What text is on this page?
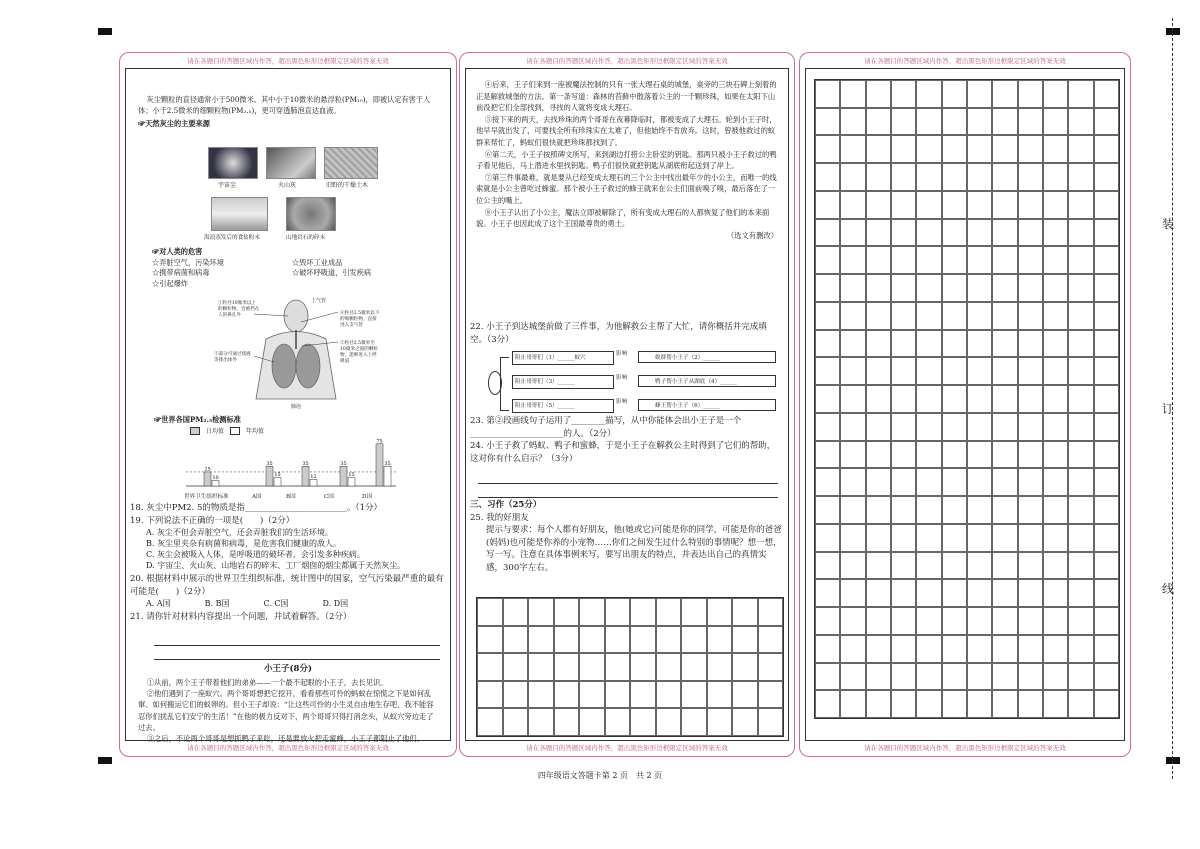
装
订
线
请在各题目的答题区域内作答，超出黑色矩形边框限定区域的答案无效
请在各题目的答题区域内作答，超出黑色矩形边框限定区域的答案无效

灰尘颗粒的直径通常小于500微米。其中小于10微米的悬浮粒(PM₁₀)，即被认定有害于人体；小于2.5微米的细颗粒物(PM₂.₅)，更可穿透肺泡直达血液。

☞天然灰尘的主要来源
宇宙尘	火山灰	旧野的干燥土木
海浪蒸发后的食盐粉末	山地岩石的碎末
☞对人类的危害
☆弄脏空气，污染环境	☆毁坏工业成品
☆携带病菌和病毒	☆破坏呼吸道，引发疾病
☆引起爆炸
①粒径10微米以上的颗粒物，会被挡在人的鼻孔外
③部分可通过痰液等排出体外
④粒径2.5微米以下的细颗粒物，直接进入支气管
②粒径2.5微米至10微米之间的颗粒物，能够进入上呼吸道
肺泡
上气管
☞世界各国PM₂.₅检测标准
日均值	年均值
25
10
35
15
35
12
35
15
75
35
世界卫生组织标准	A国	B国	C国	D国
18. 灰尘中PM2. 5的物质是指________________________。（1分）
19. 下列说法不正确的一项是(　　)（2分）
A. 灰尘不但会弄脏空气，还会弄脏我们的生活环境。
B. 灰尘里夹杂有病菌和病毒，是危害我们健康的敌人。
C. 灰尘会被吸入人体，是呼吸道的破坏者，会引发多种疾病。
D. 宇宙尘、火山灰、山地岩石的碎末、工厂烟囱的烟尘都属于天然灰尘。
20. 根据材料中展示的世界卫生组织标准，统计图中的国家，空气污染最严重的最有可能是(　　)（2分）
A. A国	B. B国	C. C国	D. D国
21. 请你针对材料内容提出一个问题，并试着解答。（2分）
小王子(8分)

①从前，两个王子带着他们的弟弟——一个最不起眼的小王子，去长见识。

②他们遇到了一座蚁穴。两个哥哥想把它挖开，看看那些可怜的蚂蚁在惊慌之下是如何乱窜、如何搬运它们的蚁卵的。但小王子却说：“让这些可怜的小生灵自由地生存吧，我不能容忍你们扰乱它们安宁的生活！”在他的极力反对下，两个哥哥只得打消念头，从蚁穴旁边走了过去。

③之后，不论两个哥哥是想抓鸭子来吃，还是要放火把走蜜蜂，小王子都阻止了他们。

请在各题目的答题区域内作答，超出黑色矩形边框限定区域的答案无效
请在各题目的答题区域内作答，超出黑色矩形边框限定区域的答案无效

④后来，王子们来到一座被魔法控制的只有一张大理石桌的城堡，桌旁的三块石碑上刻着的正是解救城堡的方法。第一条写道：森林的苔藓中散落着公主的一千颗珍珠，如果在太阳下山前没把它们全部找到，寻找的人就将变成大理石。

⑤接下来的两天，去找珍珠的两个哥哥在夜幕降临时，都被变成了大理石。轮到小王子时，他早早就出发了，可要找全所有珍珠实在太难了，但他始终不肯放弃。这时，曾被他救过的蚁群来帮忙了，蚂蚁们很快就把珍珠都找到了。

⑥第二天，小王子按照碑文所写，来到湖边打捞公主卧室的钥匙。那两只被小王子救过的鸭子看见他后，马上潜进水里找钥匙。鸭子们很快就把钥匙从湖底衔起送到了岸上。

⑦第三件事最难，就是要从已经变成大理石的三个公主中找出最年少的小公主，而唯一的线索就是小公主曾吃过蜂蜜。那个被小王子救过的蜂王就来在公主们面前嗅了嗅，最后落在了一位公主的嘴上。

⑧小王子认出了小公主，魔法立即被解除了，所有变成大理石的人都恢复了他们的本来面貌。小王子也因此成了这个王国最尊贵的勇士。

（选文有删改）
22. 小王子到达城堡前做了三件事，为他解救公主帮了大忙，请你概括并完成填空。（3分）
阻止哥哥们（1）______蚁穴
影响
蚁群帮小王子（2）______
阻止哥哥们（3）______
影响
鸭子帮小王子从湖底（4）______
阻止哥哥们（5）______
影响
蜂王帮小王子（6）______
23. 第②段画线句子运用了________描写，从中你能体会出小王子是一个______________________的人。（2分）
24. 小王子救了蚂蚁、鸭子和蜜蜂，于是小王子在解救公主时得到了它们的帮助，这对你有什么启示？（3分）
三、习作（25分）
25. 我的好朋友
提示与要求：每个人都有好朋友，他(她或它)可能是你的同学，可能是你的爸爸(妈妈)也可能是你养的小宠物……你们之间发生过什么特别的事情呢？想一想，写一写。注意在具体事例来写，要写出朋友的特点，并表达出自己的真情实感，300字左右。
请在各题目的答题区域内作答，超出黑色矩形边框限定区域的答案无效
请在各题目的答题区域内作答，超出黑色矩形边框限定区域的答案无效
四年级语文答题卡第 2 页　共 2 页
